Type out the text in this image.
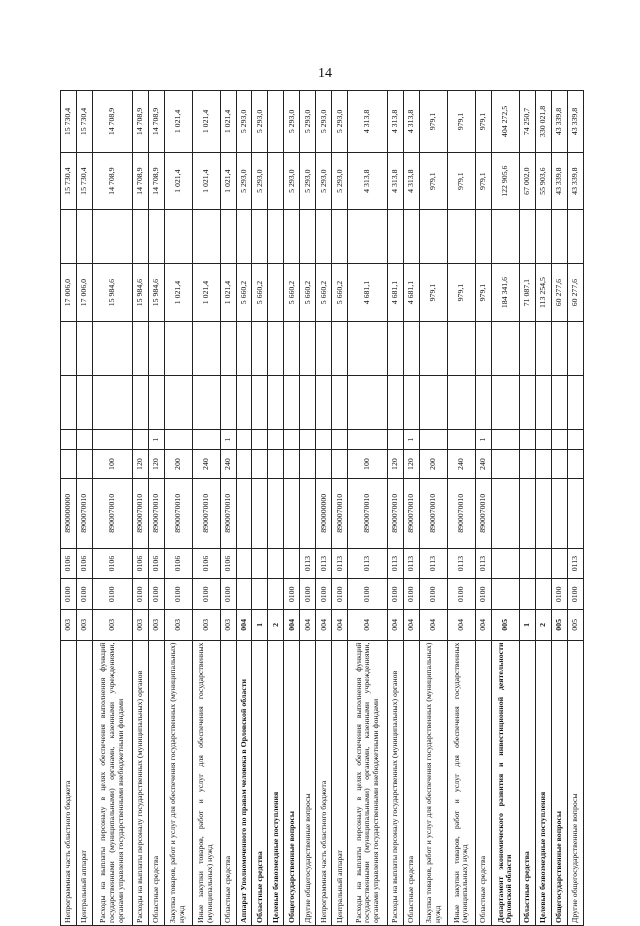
14
Непрограммная часть областного бюджета	003	0100	0106	8900000000					17 006,0		15 730,4	15 730,4
Центральный аппарат	003	0100	0106	8900070010					17 006,0		15 730,4	15 730,4
Расходы на выплаты персоналу в целях обеспечения выполнения функций государственными (муниципальными) органами, казенными учреждениями, органами управления государственными внебюджетными фондами	003	0100	0106	8900070010	100				15 984,6		14 708,9	14 708,9
Расходы на выплаты персоналу государственных (муниципальных) органов	003	0100	0106	8900070010	120				15 984,6		14 708,9	14 708,9
Областные средства	003	0100	0106	8900070010	120	1			15 984,6		14 708,9	14 708,9
Закупка товаров, работ и услуг для обеспечения государственных (муниципальных) нужд	003	0100	0106	8900070010	200				1 021,4		1 021,4	1 021,4
Иные закупки товаров, работ и услуг для обеспечения государственных (муниципальных) нужд	003	0100	0106	8900070010	240				1 021,4		1 021,4	1 021,4
Областные средства	003	0100	0106	8900070010	240	1			1 021,4		1 021,4	1 021,4
Аппарат Уполномоченного по правам человека в Орловской области	004								5 660,2		5 293,0	5 293,0
Областные средства	1								5 660,2		5 293,0	5 293,0
Целевые безвозмездные поступления	2											
Общегосударственные вопросы	004	0100							5 660,2		5 293,0	5 293,0
Другие общегосударственные вопросы	004	0100	0113						5 660,2		5 293,0	5 293,0
Непрограммная часть областного бюджета	004	0100	0113	8900000000					5 660,2		5 293,0	5 293,0
Центральный аппарат	004	0100	0113	8900070010					5 660,2		5 293,0	5 293,0
Расходы на выплаты персоналу в целях обеспечения выполнения функций государственными (муниципальными) органами, казенными учреждениями, органами управления государственными внебюджетными фондами	004	0100	0113	8900070010	100				4 681,1		4 313,8	4 313,8
Расходы на выплаты персоналу государственных (муниципальных) органов	004	0100	0113	8900070010	120				4 681,1		4 313,8	4 313,8
Областные средства	004	0100	0113	8900070010	120	1			4 681,1		4 313,8	4 313,8
Закупка товаров, работ и услуг для обеспечения государственных (муниципальных) нужд	004	0100	0113	8900070010	200				979,1		979,1	979,1
Иные закупки товаров, работ и услуг для обеспечения государственных (муниципальных) нужд	004	0100	0113	8900070010	240				979,1		979,1	979,1
Областные средства	004	0100	0113	8900070010	240	1			979,1		979,1	979,1
Департамент экономического развития и инвестиционной деятельности Орловской области	005								184 341,6		122 905,6	404 272,5
Областные средства	1								71 087,1		67 002,0	74 250,7
Целевые безвозмездные поступления	2								113 254,5		55 903,6	330 021,8
Общегосударственные вопросы	005	0100							60 277,6		43 339,8	43 339,8
Другие общегосударственные вопросы	005	0100	0113						60 277,6		43 339,8	43 339,8
